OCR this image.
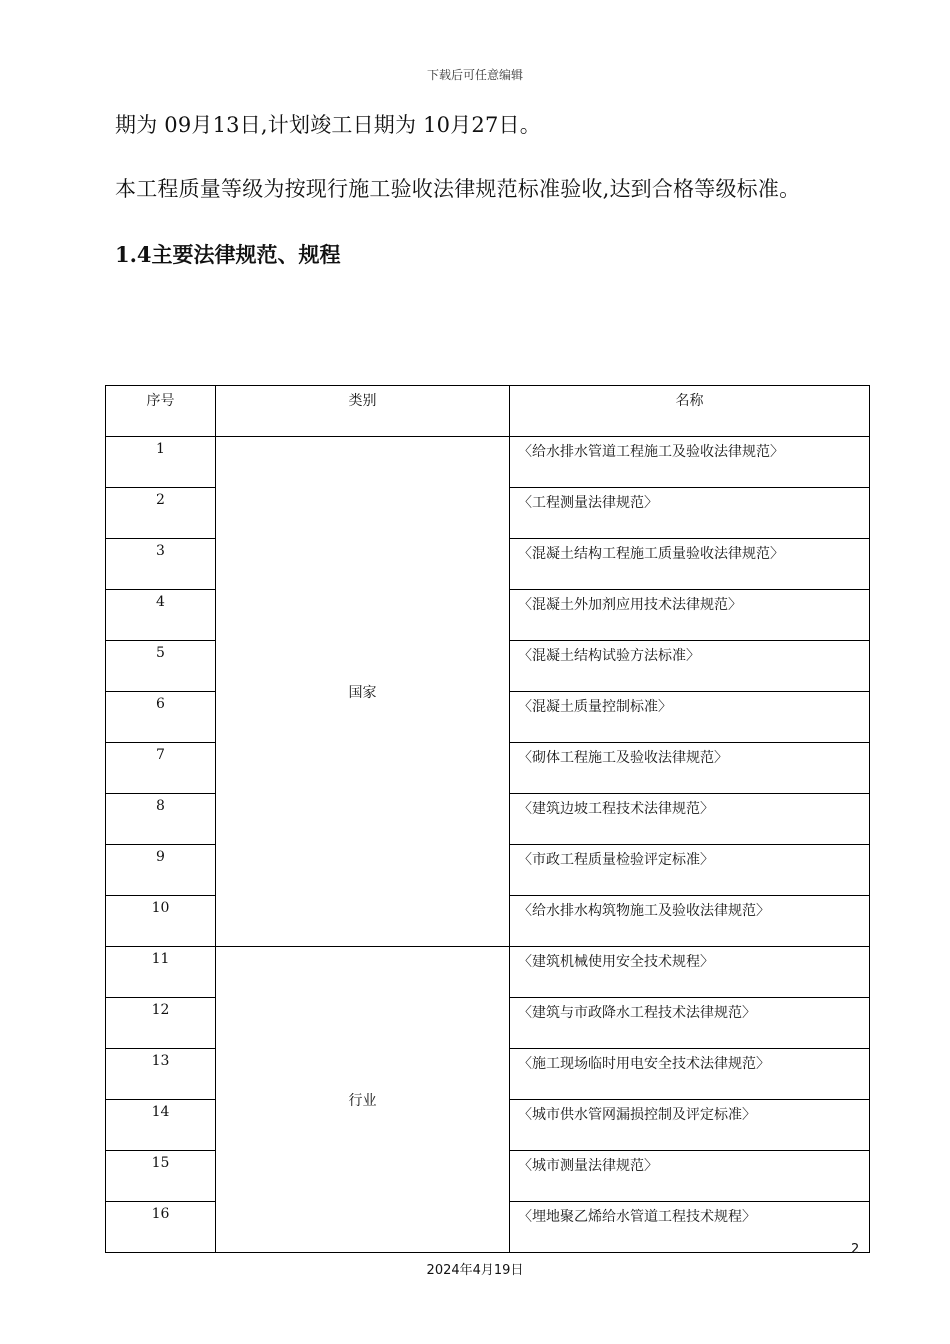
下载后可任意编辑
期为 09月13日,计划竣工日期为 10月27日。
本工程质量等级为按现行施工验收法律规范标准验收,达到合格等级标准。
1.4主要法律规范、规程
序号	类别	名称
1	国家	〈给水排水管道工程施工及验收法律规范〉
2		〈工程测量法律规范〉
3		〈混凝土结构工程施工质量验收法律规范〉
4		〈混凝土外加剂应用技术法律规范〉
5		〈混凝土结构试验方法标准〉
6		〈混凝土质量控制标准〉
7		〈砌体工程施工及验收法律规范〉
8		〈建筑边坡工程技术法律规范〉
9		〈市政工程质量检验评定标准〉
10		〈给水排水构筑物施工及验收法律规范〉
11	行业	〈建筑机械使用安全技术规程〉
12		〈建筑与市政降水工程技术法律规范〉
13		〈施工现场临时用电安全技术法律规范〉
14		〈城市供水管网漏损控制及评定标准〉
15		〈城市测量法律规范〉
16		〈埋地聚乙烯给水管道工程技术规程〉
2
2024年4月19日
